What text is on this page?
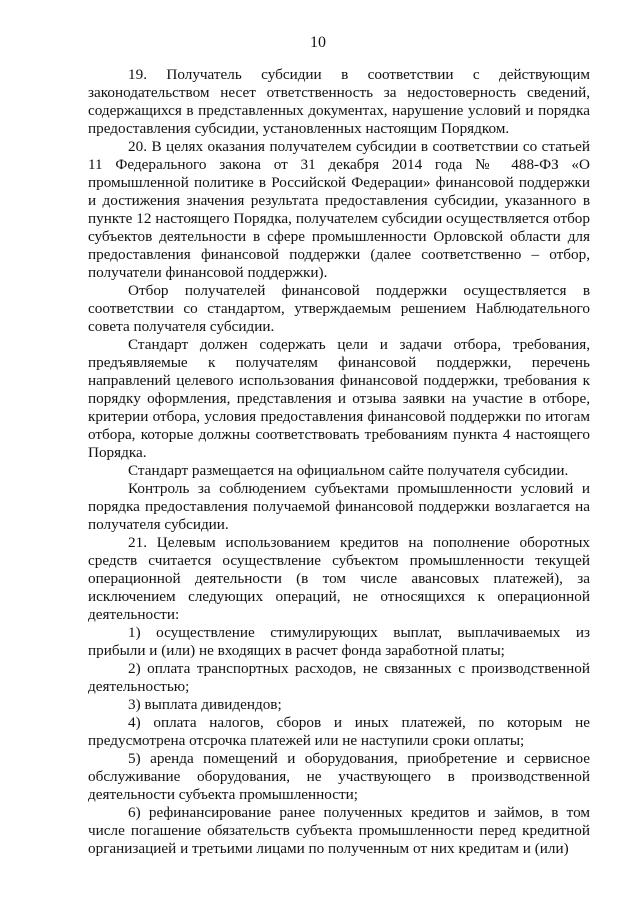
10

19. Получатель субсидии в соответствии с действующим законодательством несет ответственность за недостоверность сведений, содержащихся в представленных документах, нарушение условий и порядка предоставления субсидии, установленных настоящим Порядком.

20. В целях оказания получателем субсидии в соответствии со статьей 11 Федерального закона от 31 декабря 2014 года № 488-ФЗ «О промышленной политике в Российской Федерации» финансовой поддержки и достижения значения результата предоставления субсидии, указанного в пункте 12 настоящего Порядка, получателем субсидии осуществляется отбор субъектов деятельности в сфере промышленности Орловской области для предоставления финансовой поддержки (далее соответственно – отбор, получатели финансовой поддержки).

Отбор получателей финансовой поддержки осуществляется в соответствии со стандартом, утверждаемым решением Наблюдательного совета получателя субсидии.

Стандарт должен содержать цели и задачи отбора, требования, предъявляемые к получателям финансовой поддержки, перечень направлений целевого использования финансовой поддержки, требования к порядку оформления, представления и отзыва заявки на участие в отборе, критерии отбора, условия предоставления финансовой поддержки по итогам отбора, которые должны соответствовать требованиям пункта 4 настоящего Порядка.

Стандарт размещается на официальном сайте получателя субсидии.

Контроль за соблюдением субъектами промышленности условий и порядка предоставления получаемой финансовой поддержки возлагается на получателя субсидии.

21. Целевым использованием кредитов на пополнение оборотных средств считается осуществление субъектом промышленности текущей операционной деятельности (в том числе авансовых платежей), за исключением следующих операций, не относящихся к операционной деятельности:

1) осуществление стимулирующих выплат, выплачиваемых из прибыли и (или) не входящих в расчет фонда заработной платы;

2) оплата транспортных расходов, не связанных с производственной деятельностью;

3) выплата дивидендов;

4) оплата налогов, сборов и иных платежей, по которым не предусмотрена отсрочка платежей или не наступили сроки оплаты;

5) аренда помещений и оборудования, приобретение и сервисное обслуживание оборудования, не участвующего в производственной деятельности субъекта промышленности;

6) рефинансирование ранее полученных кредитов и займов, в том числе погашение обязательств субъекта промышленности перед кредитной организацией и третьими лицами по полученным от них кредитам и (или)
